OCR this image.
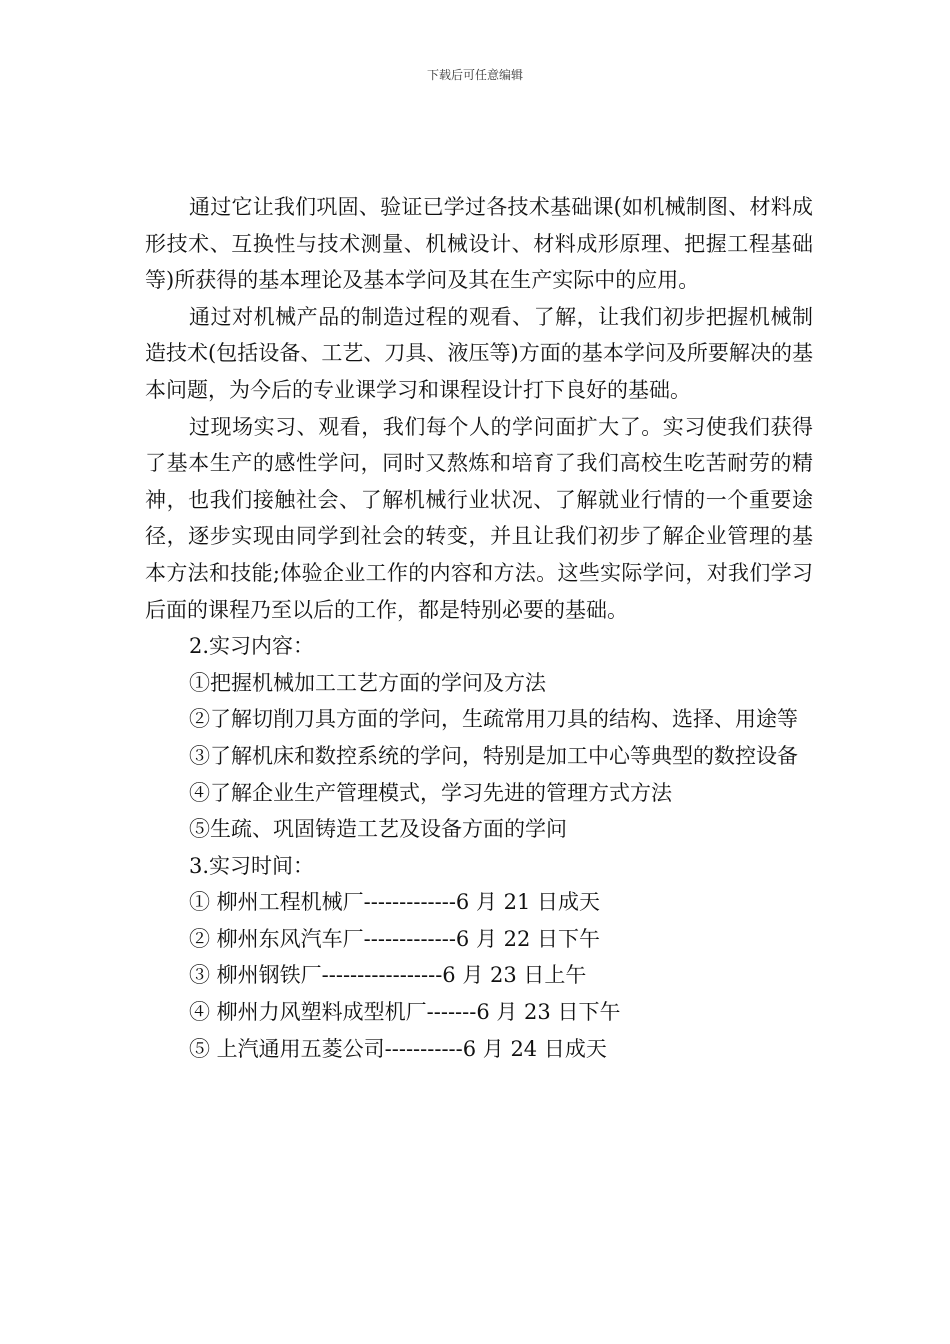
下载后可任意编辑

通过它让我们巩固、验证已学过各技术基础课(如机械制图、材料成形技术、互换性与技术测量、机械设计、材料成形原理、把握工程基础等)所获得的基本理论及基本学问及其在生产实际中的应用。

通过对机械产品的制造过程的观看、了解，让我们初步把握机械制造技术(包括设备、工艺、刀具、液压等)方面的基本学问及所要解决的基本问题，为今后的专业课学习和课程设计打下良好的基础。

过现场实习、观看，我们每个人的学问面扩大了。实习使我们获得了基本生产的感性学问，同时又熬炼和培育了我们高校生吃苦耐劳的精神，也我们接触社会、了解机械行业状况、了解就业行情的一个重要途径，逐步实现由同学到社会的转变，并且让我们初步了解企业管理的基本方法和技能;体验企业工作的内容和方法。这些实际学问，对我们学习后面的课程乃至以后的工作，都是特别必要的基础。

2.实习内容：

①把握机械加工工艺方面的学问及方法

②了解切削刀具方面的学问，生疏常用刀具的结构、选择、用途等

③了解机床和数控系统的学问，特别是加工中心等典型的数控设备

④了解企业生产管理模式，学习先进的管理方式方法

⑤生疏、巩固铸造工艺及设备方面的学问

3.实习时间：

① 柳州工程机械厂-------------6 月 21 日成天

② 柳州东风汽车厂-------------6 月 22 日下午

③ 柳州钢铁厂-----------------6 月 23 日上午

④ 柳州力风塑料成型机厂-------6 月 23 日下午

⑤ 上汽通用五菱公司-----------6 月 24 日成天
